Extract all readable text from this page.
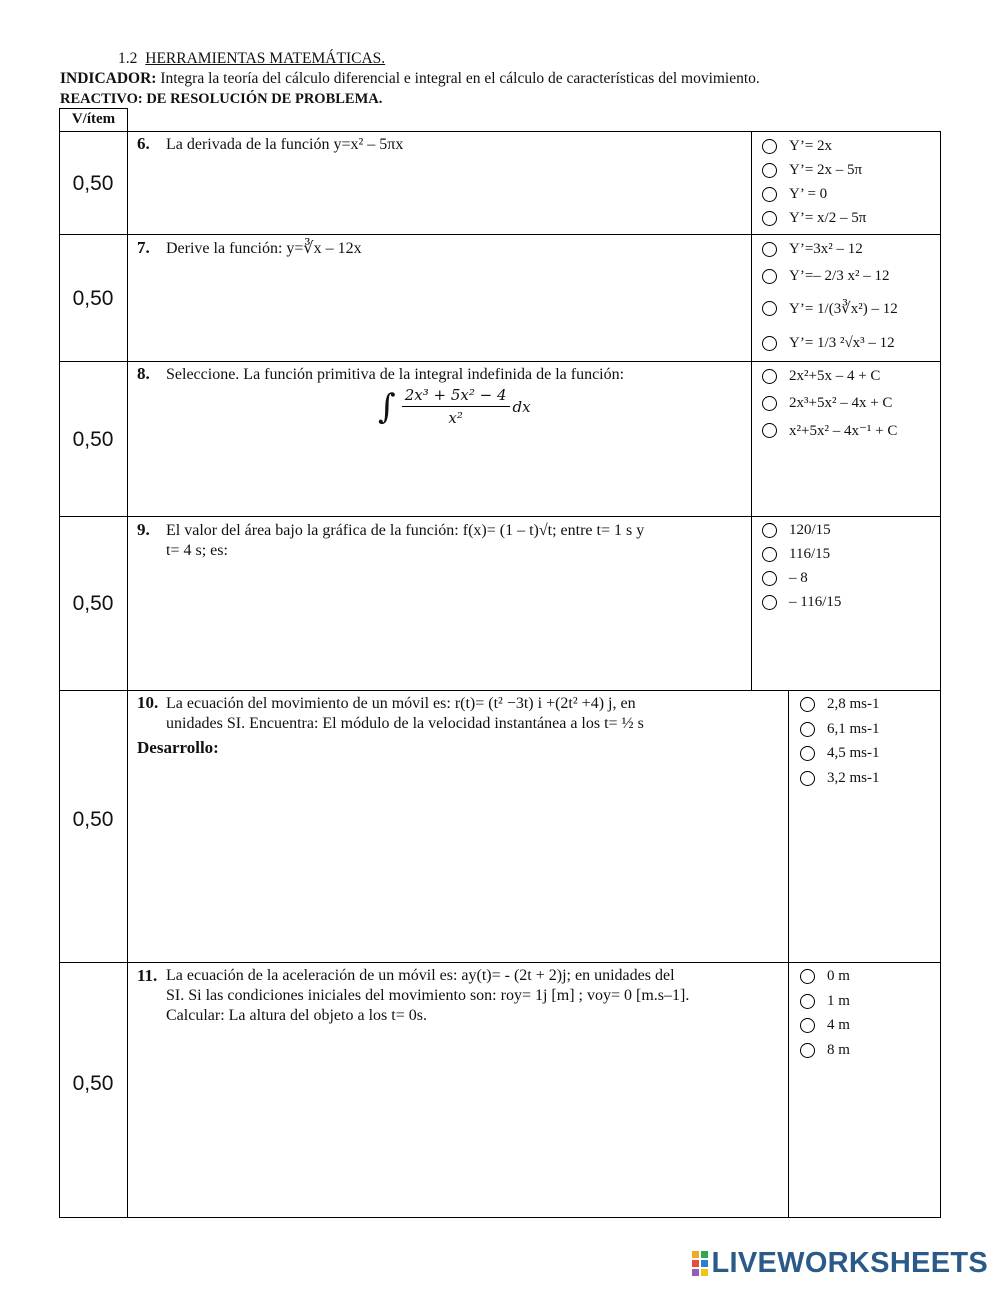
1.2 HERRAMIENTAS MATEMÁTICAS.
INDICADOR: Integra la teoría del cálculo diferencial e integral en el cálculo de características del movimiento.
REACTIVO: DE RESOLUCIÓN DE PROBLEMA.
V/ítem
0,50
0,50
0,50
0,50
0,50
0,50
6. La derivada de la función y=x² – 5πx	Y’= 2x
Y’= 2x – 5π
Y’ = 0
Y’= x/2 – 5π
7. Derive la función: y=∛x – 12x	Y’=3x² – 12
Y’=– 2/3 x² – 12
Y’= 1/(3∛x²) – 12
Y’= 1/3 ²√x³ – 12
8. Seleccione. La función primitiva de la integral indefinida de la función:
∫ $\frac{\text{2x³ + 5x² − 4}}{\text{x²}}$ dx
2x²+5x – 4 + C
2x³+5x² – 4x + C
x²+5x² – 4x⁻¹ + C
9. El valor del área bajo la gráfica de la función: f(x)= (1 – t)√t; entre t= 1 s y
t= 4 s; es:
120/15
116/15
– 8
– 116/15
10. La ecuación del movimiento de un móvil es: r(t)= (t² −3t) i +(2t² +4) j, en
unidades SI. Encuentra: El módulo de la velocidad instantánea a los t= ½ s
Desarrollo:
2,8 ms-1
6,1 ms-1
4,5 ms-1
3,2 ms-1
11. La ecuación de la aceleración de un móvil es: ay(t)= - (2t + 2)j; en unidades del
SI. Si las condiciones iniciales del movimiento son: roy= 1j [m] ; voy= 0 [m.s–1].
Calcular: La altura del objeto a los t= 0s.
0 m
1 m
4 m
8 m
LIVEWORKSHEETS
